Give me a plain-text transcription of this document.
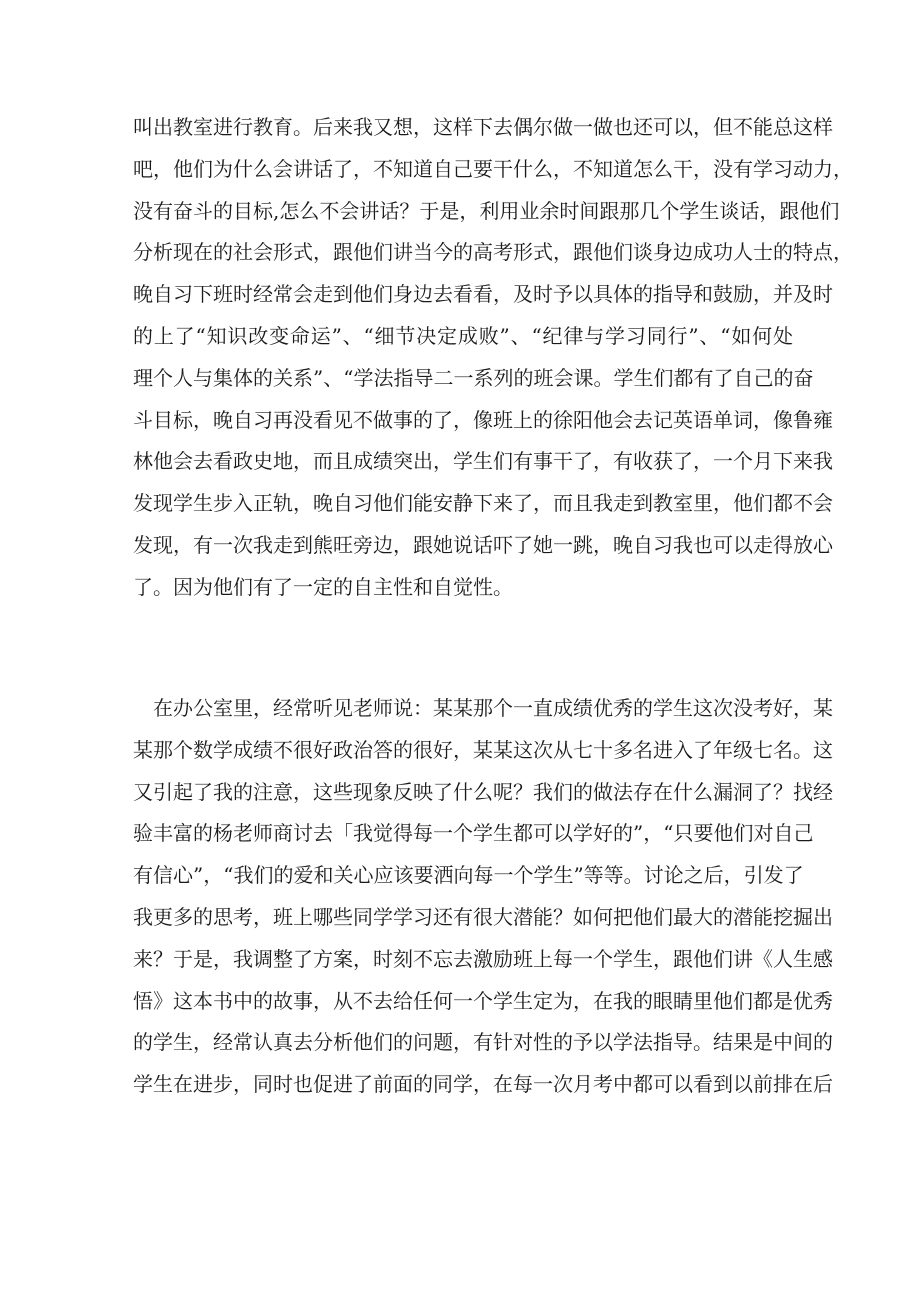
叫出教室进行教育。后来我又想，这样下去偶尔做一做也还可以，但不能总这样
吧，他们为什么会讲话了，不知道自己要干什么，不知道怎么干，没有学习动力，
没有奋斗的目标,怎么不会讲话？于是，利用业余时间跟那几个学生谈话，跟他们
分析现在的社会形式，跟他们讲当今的高考形式，跟他们谈身边成功人士的特点，
晚自习下班时经常会走到他们身边去看看，及时予以具体的指导和鼓励，并及时
的上了“知识改变命运”、“细节决定成败”、“纪律与学习同行”、“如何处
理个人与集体的关系”、“学法指导二一系列的班会课。学生们都有了自己的奋
斗目标，晚自习再没看见不做事的了，像班上的徐阳他会去记英语单词，像鲁雍
林他会去看政史地，而且成绩突出，学生们有事干了，有收获了，一个月下来我
发现学生步入正轨，晚自习他们能安静下来了，而且我走到教室里，他们都不会
发现，有一次我走到熊旺旁边，跟她说话吓了她一跳，晚自习我也可以走得放心
了。因为他们有了一定的自主性和自觉性。
在办公室里，经常听见老师说：某某那个一直成绩优秀的学生这次没考好，某
某那个数学成绩不很好政治答的很好，某某这次从七十多名进入了年级七名。这
又引起了我的注意，这些现象反映了什么呢？我们的做法存在什么漏洞了？找经
验丰富的杨老师商讨去「我觉得每一个学生都可以学好的”，“只要他们对自己
有信心”，“我们的爱和关心应该要洒向每一个学生”等等。讨论之后，引发了
我更多的思考，班上哪些同学学习还有很大潜能？如何把他们最大的潜能挖掘出
来？于是，我调整了方案，时刻不忘去激励班上每一个学生，跟他们讲《人生感
悟》这本书中的故事，从不去给任何一个学生定为，在我的眼睛里他们都是优秀
的学生，经常认真去分析他们的问题，有针对性的予以学法指导。结果是中间的
学生在进步，同时也促进了前面的同学，在每一次月考中都可以看到以前排在后
